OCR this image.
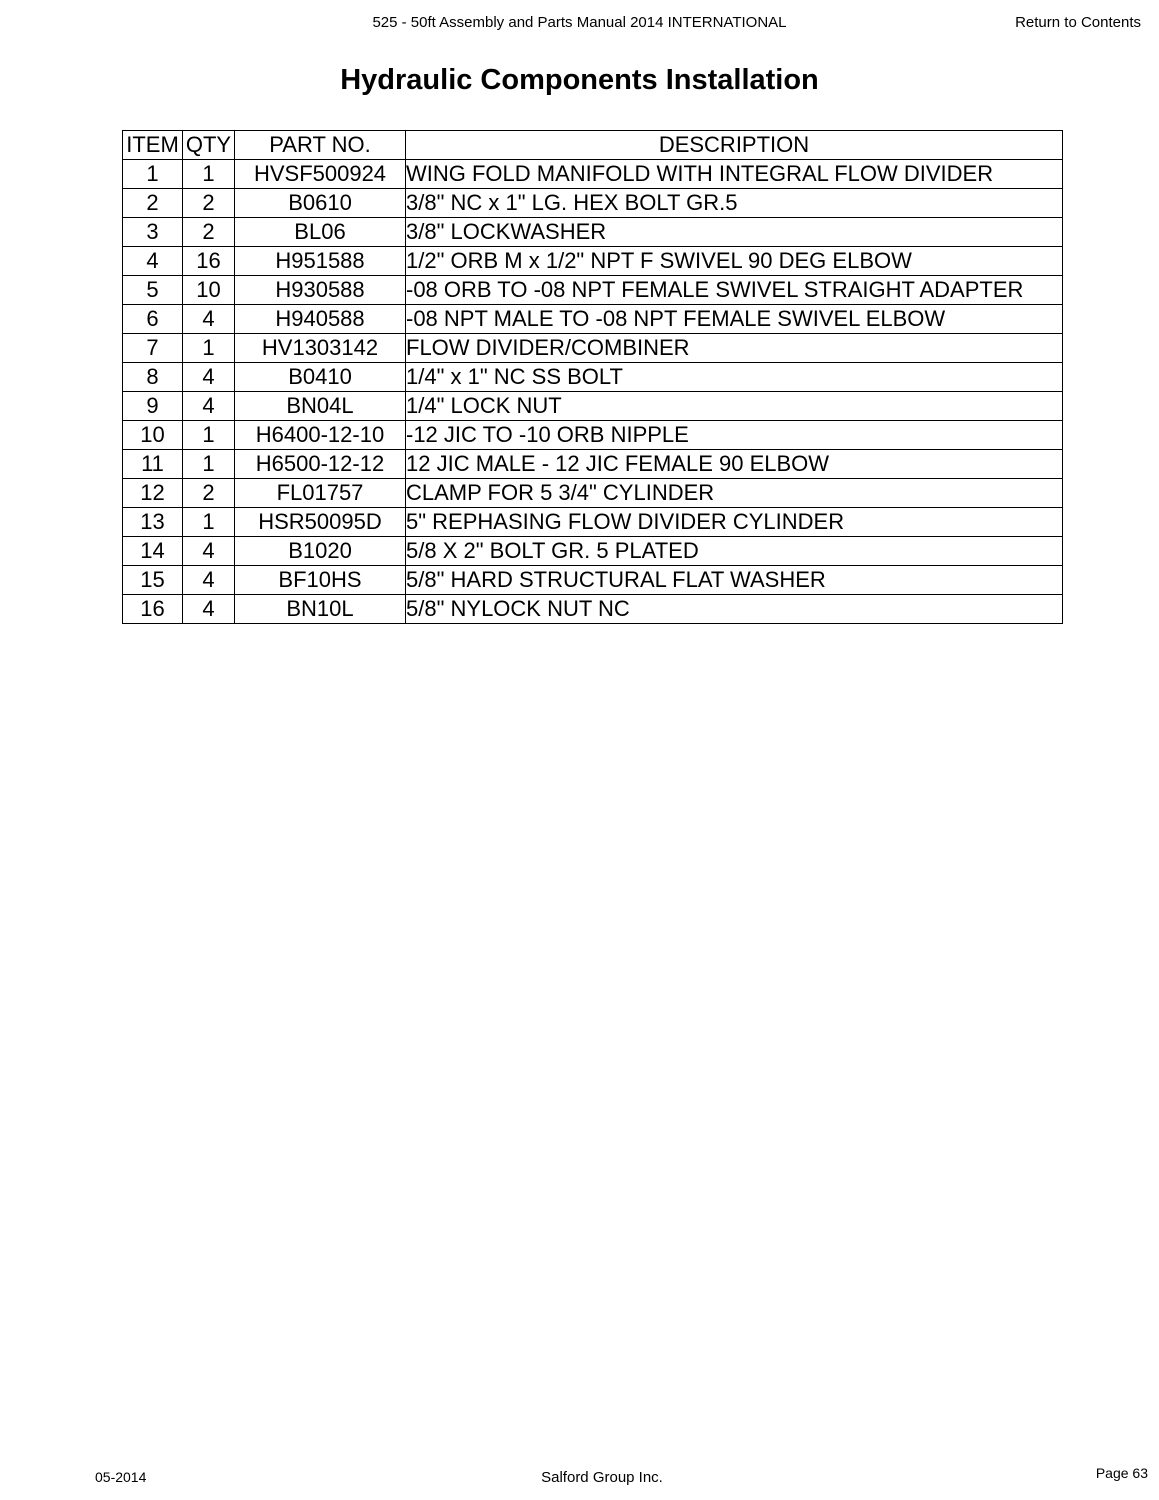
525 - 50ft Assembly and Parts Manual 2014 INTERNATIONAL	Return to Contents
Hydraulic Components Installation
ITEM	QTY	PART NO.	DESCRIPTION
1	1	HVSF500924	WING FOLD MANIFOLD WITH INTEGRAL FLOW DIVIDER
2	2	B0610	3/8" NC x 1" LG. HEX BOLT GR.5
3	2	BL06	3/8" LOCKWASHER
4	16	H951588	1/2" ORB M x 1/2" NPT F SWIVEL 90 DEG ELBOW
5	10	H930588	-08 ORB TO -08 NPT FEMALE SWIVEL STRAIGHT ADAPTER
6	4	H940588	-08 NPT MALE TO -08 NPT FEMALE SWIVEL ELBOW
7	1	HV1303142	FLOW DIVIDER/COMBINER
8	4	B0410	1/4" x 1" NC SS BOLT
9	4	BN04L	1/4" LOCK NUT
10	1	H6400-12-10	-12 JIC TO -10 ORB NIPPLE
11	1	H6500-12-12	12 JIC MALE - 12 JIC FEMALE 90 ELBOW
12	2	FL01757	CLAMP FOR 5 3/4" CYLINDER
13	1	HSR50095D	5" REPHASING FLOW DIVIDER CYLINDER
14	4	B1020	5/8 X 2" BOLT GR. 5 PLATED
15	4	BF10HS	5/8" HARD STRUCTURAL FLAT WASHER
16	4	BN10L	5/8" NYLOCK NUT NC
05-2014	Salford Group Inc.	Page 63
